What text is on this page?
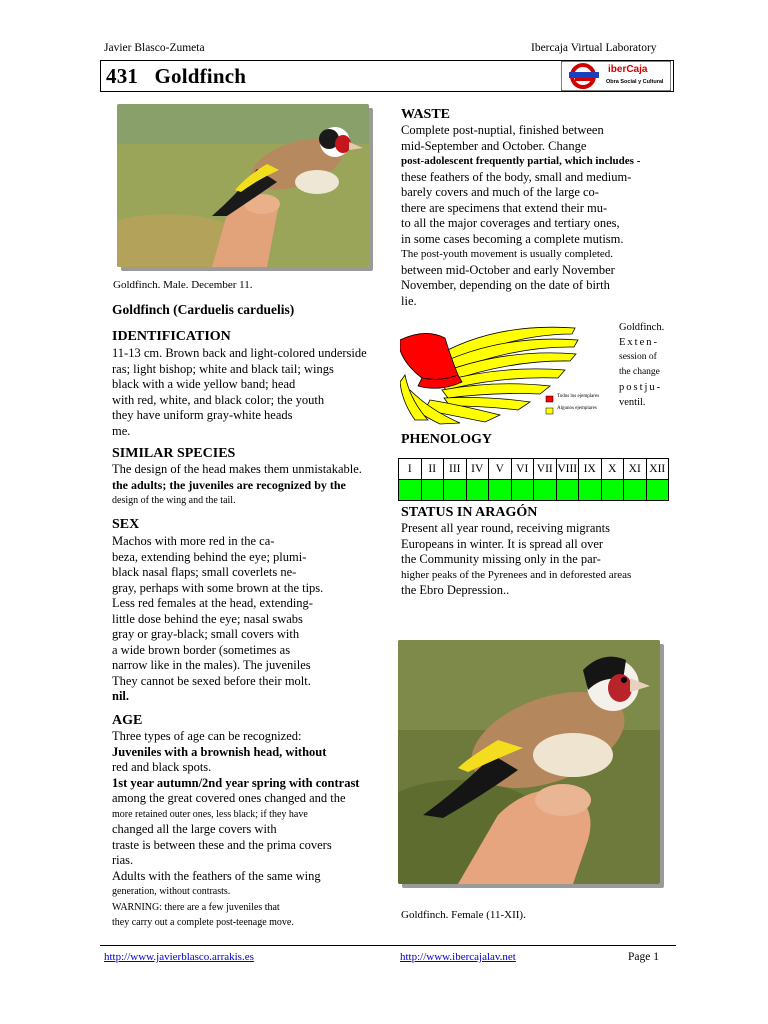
Javier Blasco-Zumeta	Ibercaja Virtual Laboratory
431 Goldfinch	iberCaja
Obra Social y Cultural
Goldfinch. Male. December 11.
Goldfinch (Carduelis carduelis)
IDENTIFICATION
11-13 cm. Brown back and light-colored underside
ras; light bishop; white and black tail; wings
black with a wide yellow band; head
with red, white, and black color; the youth
they have uniform gray-white heads
me.
SIMILAR SPECIES
The design of the head makes them unmistakable.
the adults; the juveniles are recognized by the
design of the wing and the tail.
SEX
Machos with more red in the ca-
beza, extending behind the eye; plumi-
black nasal flaps; small coverlets ne-
gray, perhaps with some brown at the tips.
Less red females at the head, extending-
little dose behind the eye; nasal swabs
gray or gray-black; small covers with
a wide brown border (sometimes as
narrow like in the males). The juveniles
They cannot be sexed before their molt.
nil.
AGE
Three types of age can be recognized:
Juveniles with a brownish head, without
red and black spots.
1st year autumn/2nd year spring with contrast
among the great covered ones changed and the
more retained outer ones, less black; if they have
changed all the large covers with
traste is between these and the prima covers
rias.
Adults with the feathers of the same wing
generation, without contrasts.
WARNING: there are a few juveniles that
they carry out a complete post-teenage move.
WASTE
Complete post-nuptial, finished between
mid-September and October. Change
post-adolescent frequently partial, which includes -
these feathers of the body, small and medium-
barely covers and much of the large co-
there are specimens that extend their mu-
to all the major coverages and tertiary ones,
in some cases becoming a complete mutism.
The post-youth movement is usually completed.
between mid-October and early November
November, depending on the date of birth
lie.
Todos los ejemplares
Algunos ejemplares
Goldfinch.
Exten-
session of
the change
postju-
ventil.
PHENOLOGY
I	II	III	IV	V	VI	VII	VIII	IX	X	XI	XII

STATUS IN ARAGÓN
Present all year round, receiving migrants
Europeans in winter. It is spread all over
the Community missing only in the par-
higher peaks of the Pyrenees and in deforested areas
the Ebro Depression..
Goldfinch. Female (11-XII).
http://www.javierblasco.arrakis.es	http://www.ibercajalav.net	Page 1
